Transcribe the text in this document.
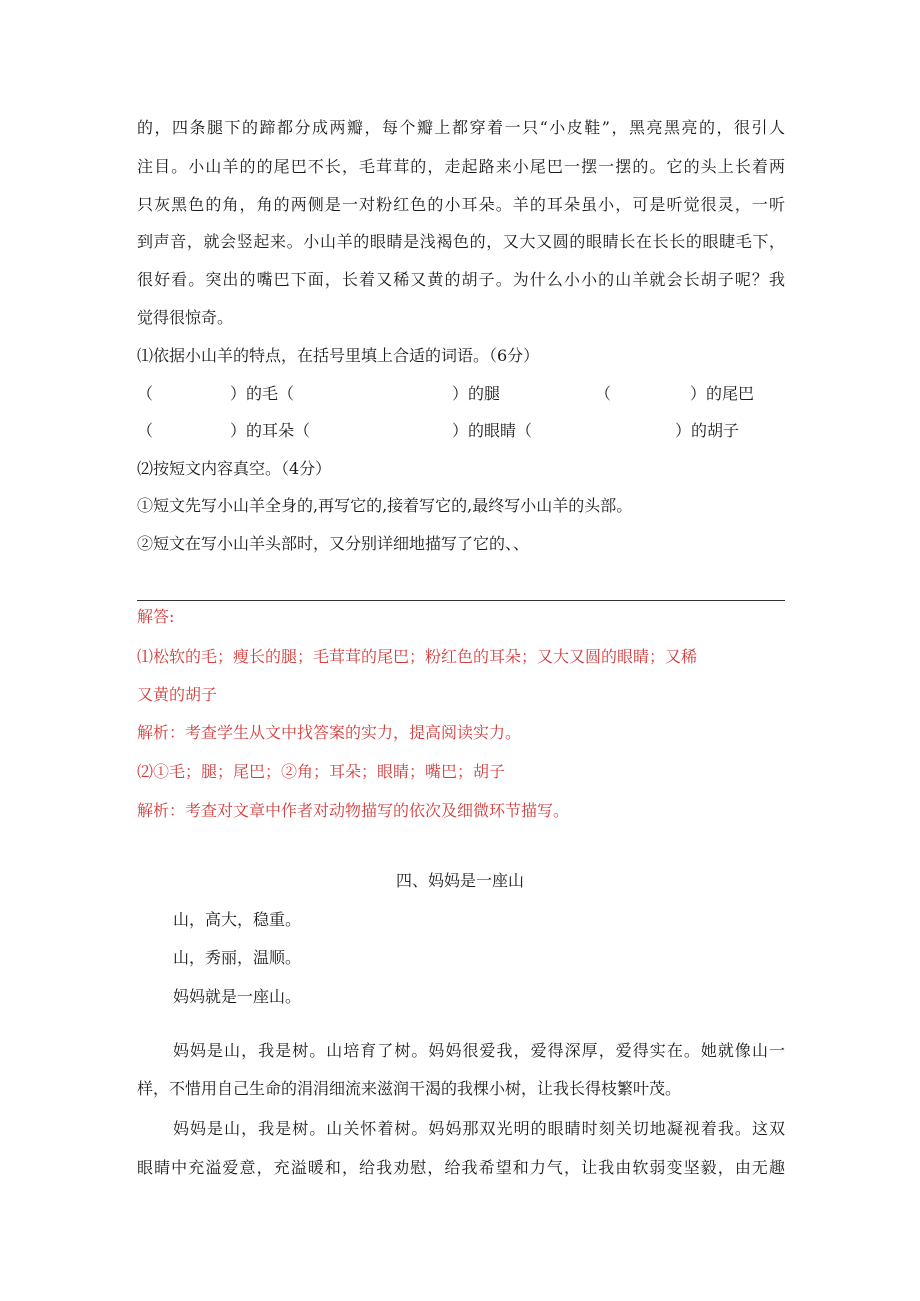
的，四条腿下的蹄都分成两瓣，每个瓣上都穿着一只“小皮鞋”，黑亮黑亮的，很引人

注目。小山羊的的尾巴不长，毛茸茸的，走起路来小尾巴一摆一摆的。它的头上长着两

只灰黑色的角，角的两侧是一对粉红色的小耳朵。羊的耳朵虽小，可是听觉很灵，一听

到声音，就会竖起来。小山羊的眼睛是浅褐色的，又大又圆的眼睛长在长长的眼睫毛下，

很好看。突出的嘴巴下面，长着又稀又黄的胡子。为什么小小的山羊就会长胡子呢？我

觉得很惊奇。

⑴依据小山羊的特点，在括号里填上合适的词语。（6分）

（	）的毛（	）的腿	（	）的尾巴
（	）的耳朵（	）的眼睛（	）的胡子

⑵按短文内容真空。（4分）

①短文先写小山羊全身的,再写它的,接着写它的,最终写小山羊的头部。

②短文在写小山羊头部时，又分别详细地描写了它的、、

解答:

⑴松软的毛；瘦长的腿；毛茸茸的尾巴；粉红色的耳朵；又大又圆的眼睛；又稀

又黄的胡子

解析：考查学生从文中找答案的实力，提高阅读实力。

⑵①毛；腿；尾巴；②角；耳朵；眼睛；嘴巴；胡子

解析：考查对文章中作者对动物描写的依次及细微环节描写。

四、妈妈是一座山

山，高大，稳重。

山，秀丽，温顺。

妈妈就是一座山。

妈妈是山，我是树。山培育了树。妈妈很爱我，爱得深厚，爱得实在。她就像山一

样，不惜用自己生命的涓涓细流来滋润干渴的我棵小树，让我长得枝繁叶茂。

妈妈是山，我是树。山关怀着树。妈妈那双光明的眼睛时刻关切地凝视着我。这双

眼睛中充溢爱意，充溢暖和，给我劝慰，给我希望和力气，让我由软弱变坚毅，由无趣
